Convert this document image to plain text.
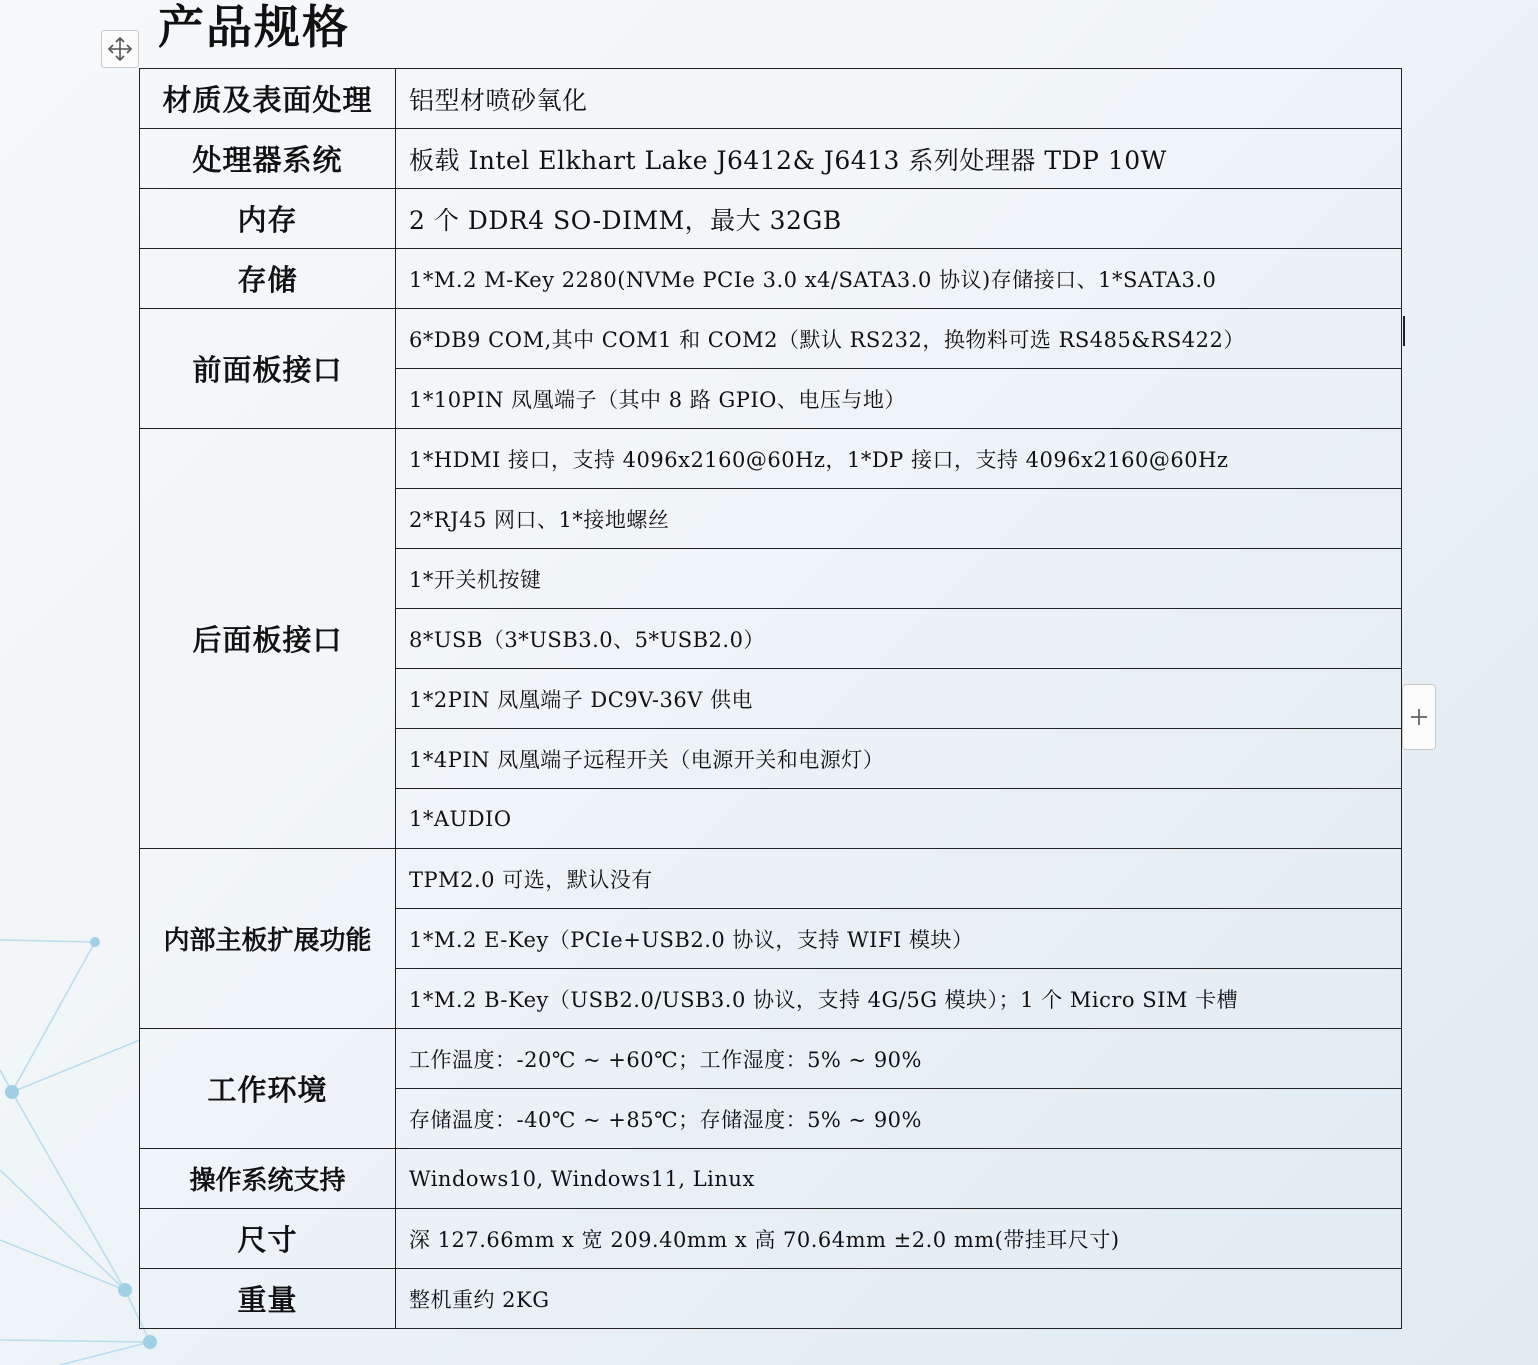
产品规格
材质及表面处理	铝型材喷砂氧化
处理器系统	板载 Intel Elkhart Lake J6412& J6413 系列处理器 TDP 10W
内存	2 个 DDR4 SO-DIMM，最大 32GB
存储	1*M.2 M-Key 2280(NVMe PCIe 3.0 x4/SATA3.0 协议)存储接口、1*SATA3.0
前面板接口	6*DB9 COM,其中 COM1 和 COM2（默认 RS232，换物料可选 RS485&RS422）
	1*10PIN 凤凰端子（其中 8 路 GPIO、电压与地）
后面板接口	1*HDMI 接口，支持 4096x2160@60Hz，1*DP 接口，支持 4096x2160@60Hz
	2*RJ45 网口、1*接地螺丝
	1*开关机按键
	8*USB（3*USB3.0、5*USB2.0）
	1*2PIN 凤凰端子 DC9V-36V 供电
	1*4PIN 凤凰端子远程开关（电源开关和电源灯）
	1*AUDIO
内部主板扩展功能	TPM2.0 可选，默认没有
	1*M.2 E-Key（PCIe+USB2.0 协议，支持 WIFI 模块）
	1*M.2 B-Key（USB2.0/USB3.0 协议，支持 4G/5G 模块）；1 个 Micro SIM 卡槽
工作环境	工作温度：-20℃ ~ +60℃；工作湿度：5% ~ 90%
	存储温度：-40℃ ~ +85℃；存储湿度：5% ~ 90%
操作系统支持	Windows10, Windows11, Linux
尺寸	深 127.66mm x 宽 209.40mm x 高 70.64mm ±2.0 mm(带挂耳尺寸)
重量	整机重约 2KG
